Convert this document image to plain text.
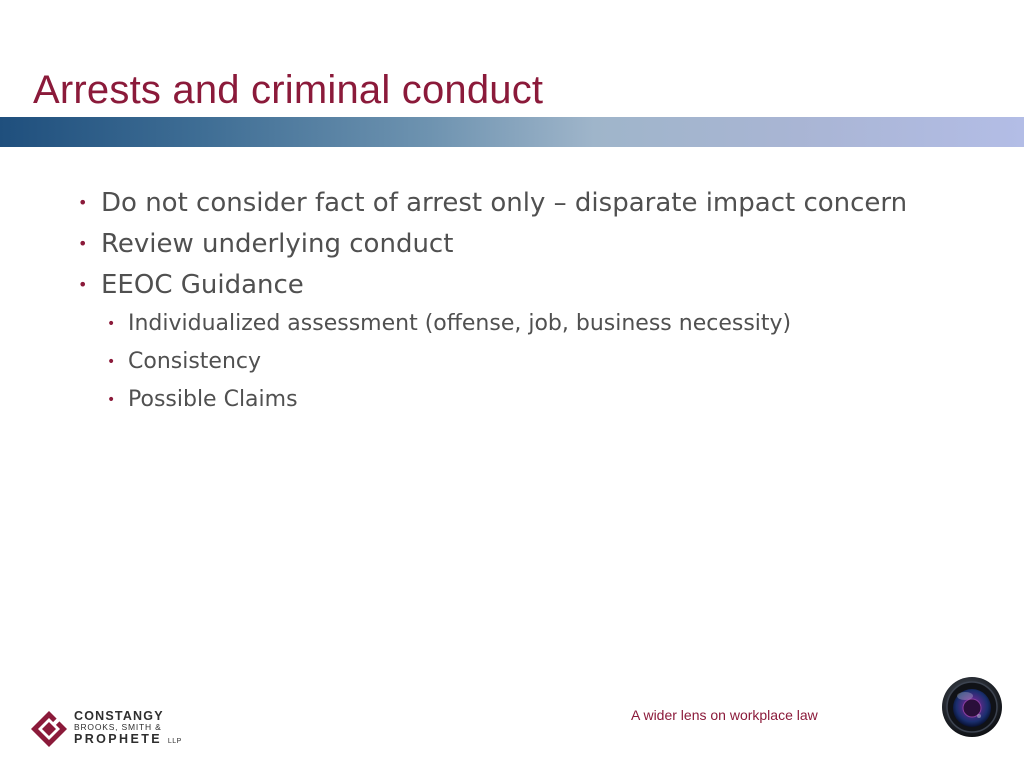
Arrests and criminal conduct
• Do not consider fact of arrest only – disparate impact concern
• Review underlying conduct
• EEOC Guidance
• Individualized assessment (offense, job, business necessity)
• Consistency
• Possible Claims
CONSTANGY
BROOKS, SMITH &
PROPHETE LLP
A wider lens on workplace law
